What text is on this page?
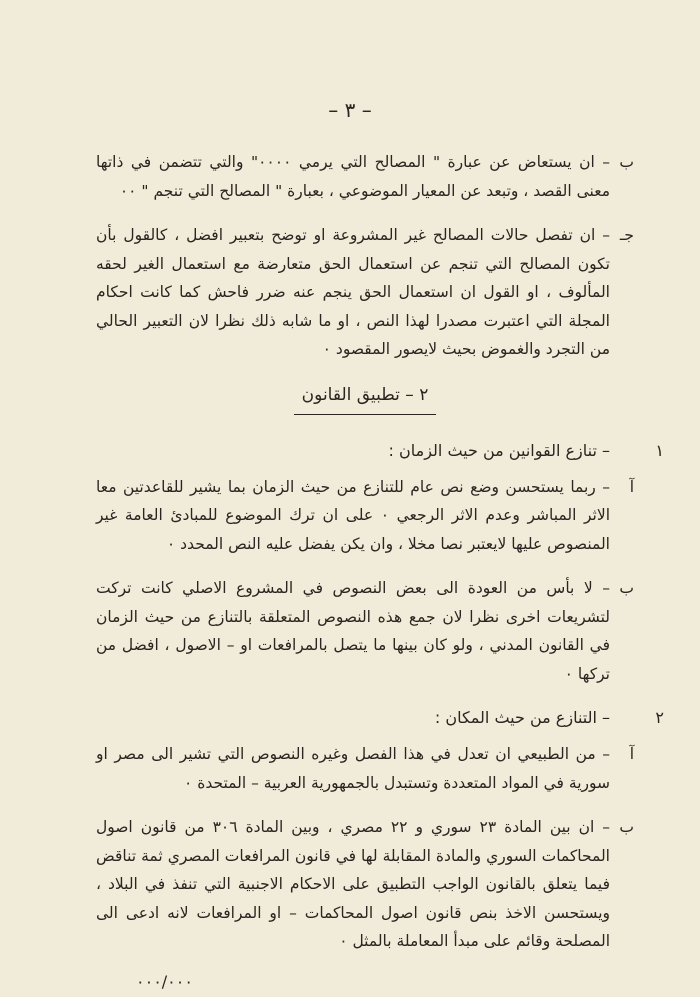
– ٣ –
ب
– ان يستعاض عن عبارة " المصالح التي يرمي ٠٠٠٠" والتي تتضمن في ذاتها معنى القصد ، وتبعد عن المعيار الموضوعي ، بعبارة " المصالح التي تنجم " ٠٠
جـ
– ان تفصل حالات المصالح غير المشروعة او توضح بتعبير افضل ، كالقول بأن تكون المصالح التي تنجم عن استعمال الحق متعارضة مع استعمال الغير لحقه المألوف ، او القول ان استعمال الحق ينجم عنه ضرر فاحش كما كانت احكام المجلة التي اعتبرت مصدرا لهذا النص ، او ما شابه ذلك نظرا لان التعبير الحالي من التجرد والغموض بحيث لايصور المقصود ٠
٢ – تطبيق القانون
١
– تنازع القوانين من حيث الزمان :
آ
– ربما يستحسن وضع نص عام للتنازع من حيث الزمان بما يشير للقاعدتين معا الاثر المباشر وعدم الاثر الرجعي ٠ على ان ترك الموضوع للمبادئ العامة غير المنصوص عليها لايعتبر نصا مخلا ، وان يكن يفضل عليه النص المحدد ٠
ب
– لا بأس من العودة الى بعض النصوص في المشروع الاصلي كانت تركت لتشريعات اخرى نظرا لان جمع هذه النصوص المتعلقة بالتنازع من حيث الزمان في القانون المدني ، ولو كان بينها ما يتصل بالمرافعات او – الاصول ، افضل من تركها ٠
٢
– التنازع من حيث المكان :
آ
– من الطبيعي ان تعدل في هذا الفصل وغيره النصوص التي تشير الى مصر او سورية في المواد المتعددة وتستبدل بالجمهورية العربية – المتحدة ٠
ب
– ان بين المادة ٢٣ سوري و ٢٢ مصري ، وبين المادة ٣٠٦ من قانون اصول المحاكمات السوري والمادة المقابلة لها في قانون المرافعات المصري ثمة تناقض فيما يتعلق بالقانون الواجب التطبيق على الاحكام الاجنبية التي تنفذ في البلاد ، ويستحسن الاخذ بنص قانون اصول المحاكمات – او المرافعات لانه ادعى الى المصلحة وقائم على مبدأ المعاملة بالمثل ٠
٠٠٠/٠٠٠
